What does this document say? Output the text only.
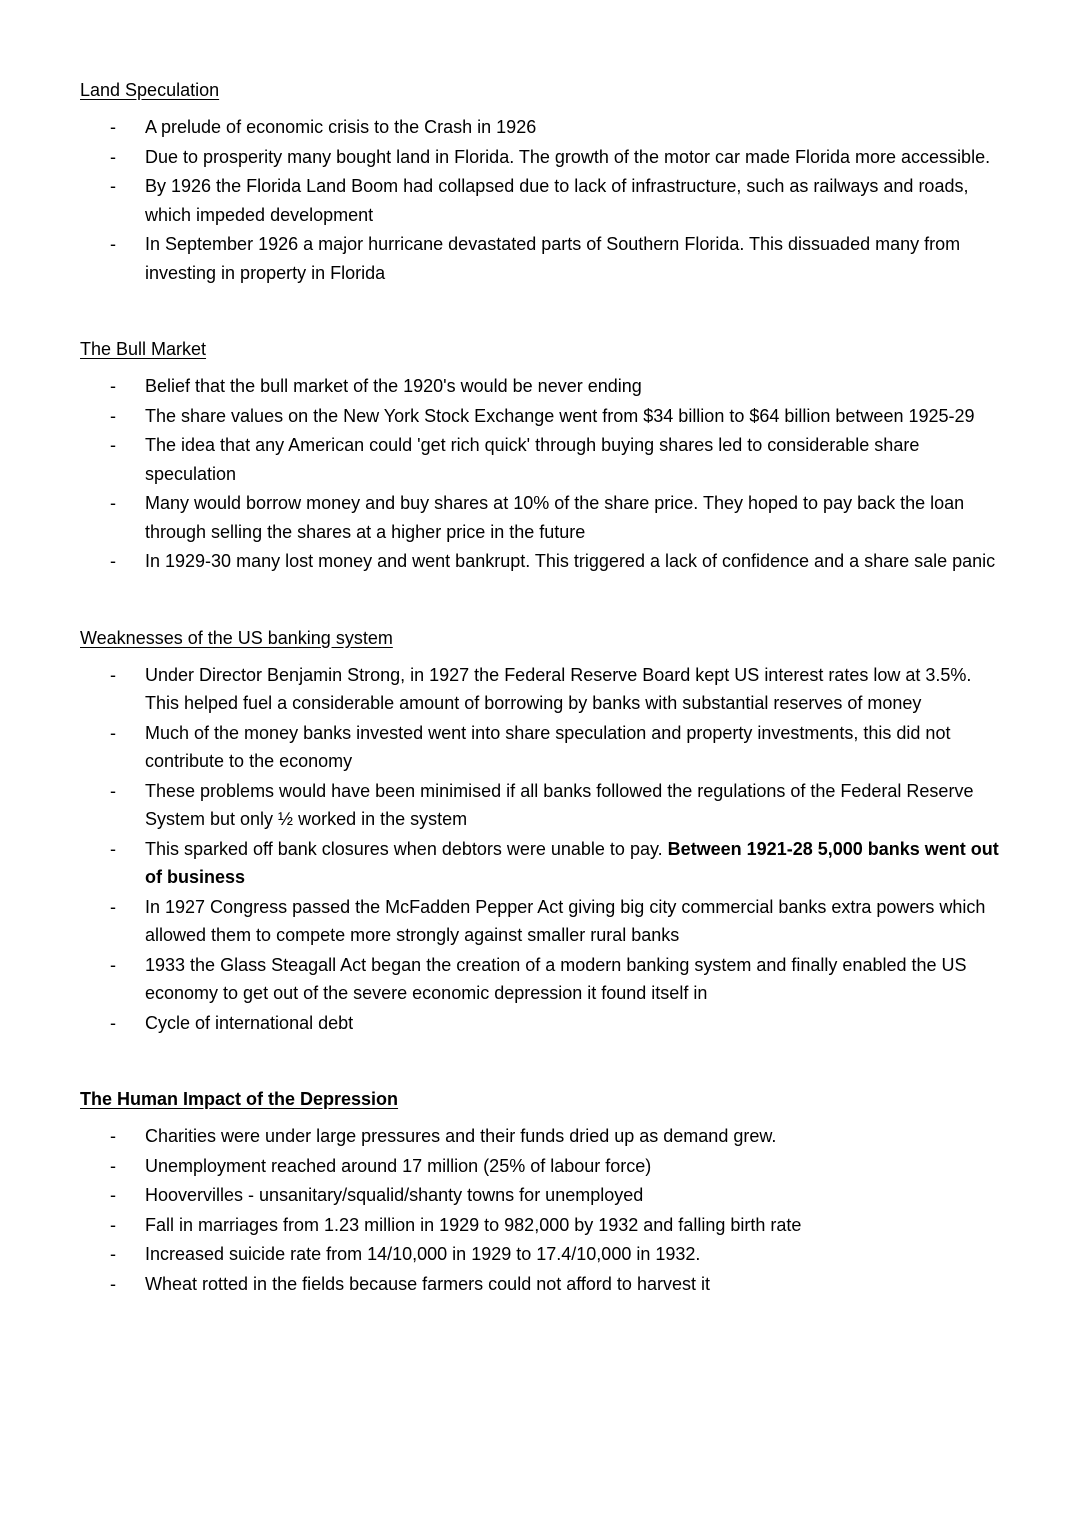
Land Speculation
-	A prelude of economic crisis to the Crash in 1926
-	Due to prosperity many bought land in Florida. The growth of the motor car made Florida more accessible.
-	By 1926 the Florida Land Boom had collapsed due to lack of infrastructure, such as railways and roads, which impeded development
-	In September 1926 a major hurricane devastated parts of Southern Florida. This dissuaded many from investing in property in Florida
The Bull Market
-	Belief that the bull market of the 1920's would be never ending
-	The share values on the New York Stock Exchange went from $34 billion to $64 billion between 1925-29
-	The idea that any American could 'get rich quick' through buying shares led to considerable share speculation
-	Many would borrow money and buy shares at 10% of the share price. They hoped to pay back the loan through selling the shares at a higher price in the future
-	In 1929-30 many lost money and went bankrupt. This triggered a lack of confidence and a share sale panic
Weaknesses of the US banking system
-	Under Director Benjamin Strong, in 1927 the Federal Reserve Board kept US interest rates low at 3.5%. This helped fuel a considerable amount of borrowing by banks with substantial reserves of money
-	Much of the money banks invested went into share speculation and property investments, this did not contribute to the economy
-	These problems would have been minimised if all banks followed the regulations of the Federal Reserve System but only ½ worked in the system
-	This sparked off bank closures when debtors were unable to pay. Between 1921-28 5,000 banks went out of business
-	In 1927 Congress passed the McFadden Pepper Act giving big city commercial banks extra powers which allowed them to compete more strongly against smaller rural banks
-	1933 the Glass Steagall Act began the creation of a modern banking system and finally enabled the US economy to get out of the severe economic depression it found itself in
-	Cycle of international debt
The Human Impact of the Depression
-	Charities were under large pressures and their funds dried up as demand grew.
-	Unemployment reached around 17 million (25% of labour force)
-	Hoovervilles - unsanitary/squalid/shanty towns for unemployed
-	Fall in marriages from 1.23 million in 1929 to 982,000 by 1932 and falling birth rate
-	Increased suicide rate from 14/10,000 in 1929 to 17.4/10,000 in 1932.
-	Wheat rotted in the fields because farmers could not afford to harvest it
